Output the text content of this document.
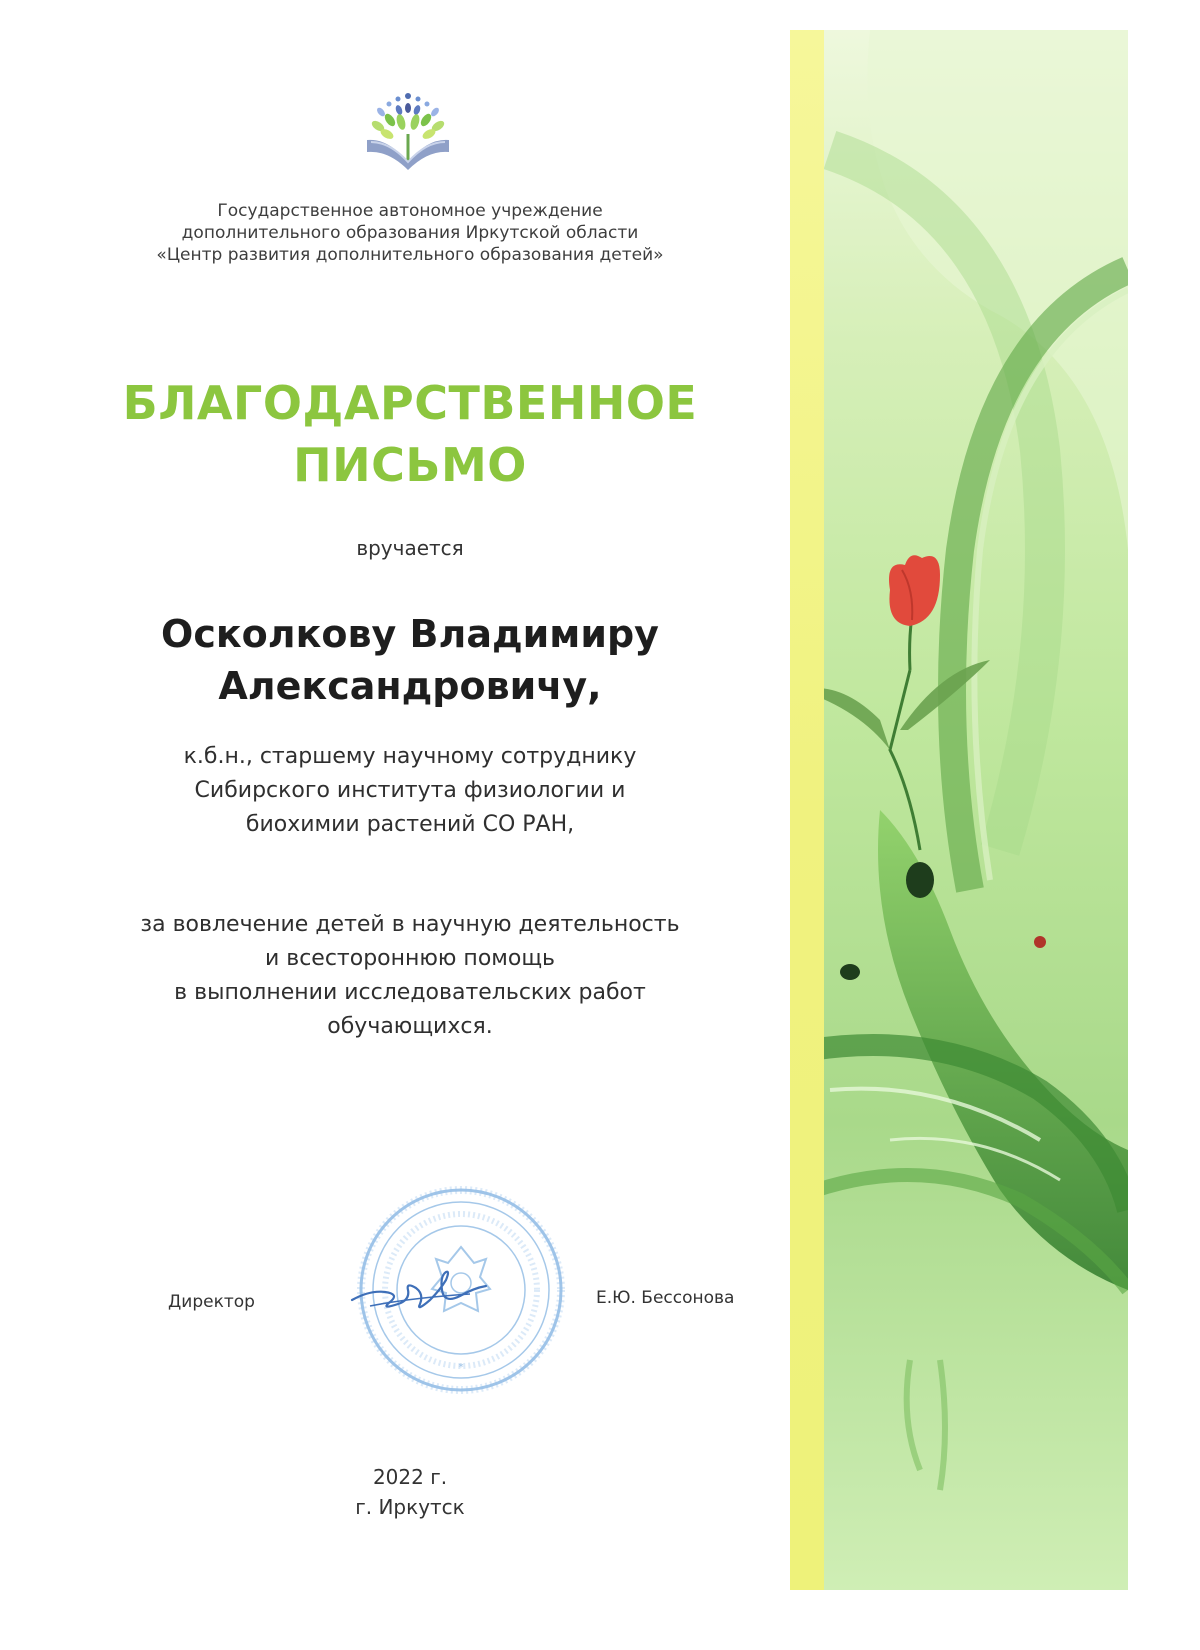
Государственное автономное учреждение
дополнительного образования Иркутской области
«Центр развития дополнительного образования детей»
БЛАГОДАРСТВЕННОЕ
ПИСЬМО
вручается
Осколкову Владимиру
Александровичу,
к.б.н., старшему научному сотруднику
Сибирского института физиологии и
биохимии растений СО РАН,
за вовлечение детей в научную деятельность
и всестороннюю помощь
в выполнении исследовательских работ
обучающихся.
*
Директор	Е.Ю. Бессонова
2022 г.
г. Иркутск
